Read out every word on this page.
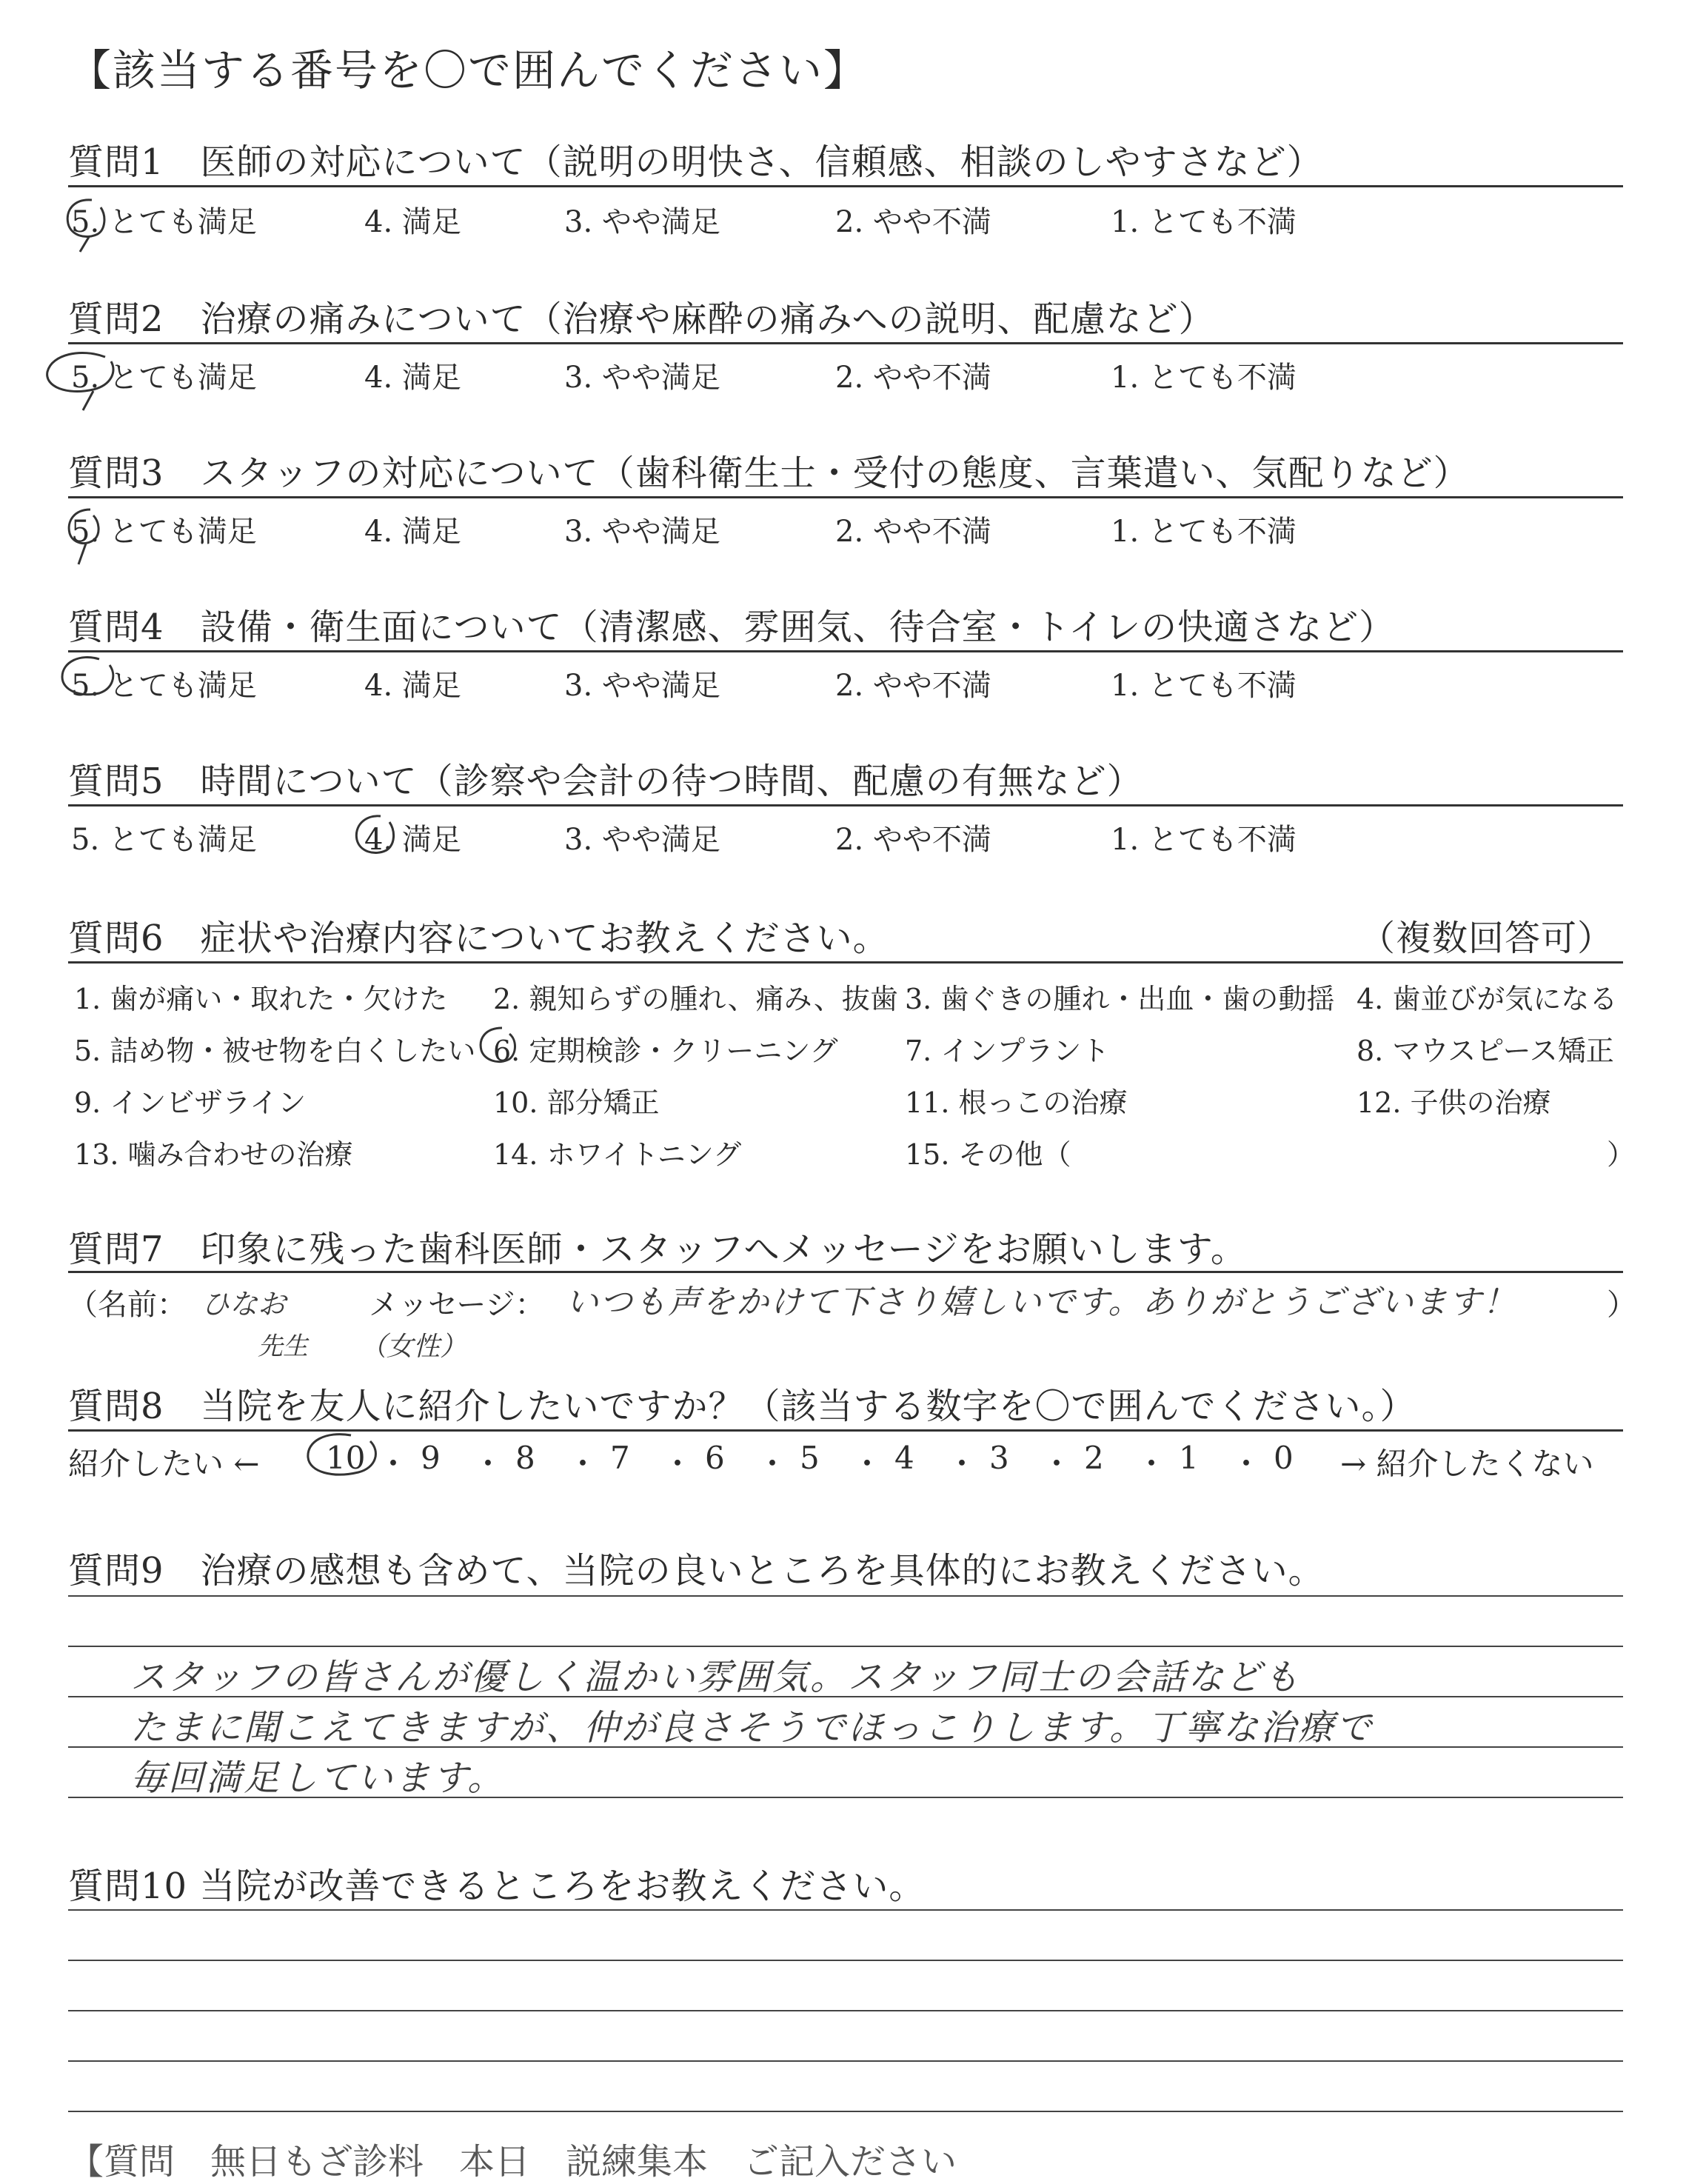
【該当する番号を〇で囲んでください】
質問1　医師の対応について（説明の明快さ、信頼感、相談のしやすさなど）
5. とても満足	4. 満足	3. やや満足	2. やや不満	1. とても不満
質問2　治療の痛みについて（治療や麻酔の痛みへの説明、配慮など）
5. とても満足	4. 満足	3. やや満足	2. やや不満	1. とても不満
質問3　スタッフの対応について（歯科衛生士・受付の態度、言葉遣い、気配りなど）
5. とても満足	4. 満足	3. やや満足	2. やや不満	1. とても不満
質問4　設備・衛生面について（清潔感、雰囲気、待合室・トイレの快適さなど）
5. とても満足	4. 満足	3. やや満足	2. やや不満	1. とても不満
質問5　時間について（診察や会計の待つ時間、配慮の有無など）
5. とても満足	4. 満足	3. やや満足	2. やや不満	1. とても不満
質問6　症状や治療内容についてお教えください。	（複数回答可）
1. 歯が痛い・取れた・欠けた 2. 親知らずの腫れ、痛み、抜歯 3. 歯ぐきの腫れ・出血・歯の動揺 4. 歯並びが気になる
5. 詰め物・被せ物を白くしたい 6. 定期検診・クリーニング 7. インプラント	8. マウスピース矯正
9. インビザライン	10. 部分矯正	11. 根っこの治療	12. 子供の治療
13. 噛み合わせの治療	14. ホワイトニング	15. その他（	）
質問7　印象に残った歯科医師・スタッフへメッセージをお願いします。
（名前： ひなお
先生 （女性）
メッセージ： いつも声をかけて下さり嬉しいです。ありがとうございます！	）
質問8　当院を友人に紹介したいですか？（該当する数字を〇で囲んでください。）
紹介したい ← 10 ・ 9 ・ 8 ・ 7 ・ 6 ・ 5 ・ 4 ・ 3 ・ 2 ・ 1 ・ 0 → 紹介したくない
質問9　治療の感想も含めて、当院の良いところを具体的にお教えください。
スタッフの皆さんが優しく温かい雰囲気。スタッフ同士の会話なども
たまに聞こえてきますが、仲が良さそうでほっこりします。丁寧な治療で
毎回満足しています。
質問10 当院が改善できるところをお教えください。
【質問　無日もざ診料　本日　説練集本　ご記入ださい
